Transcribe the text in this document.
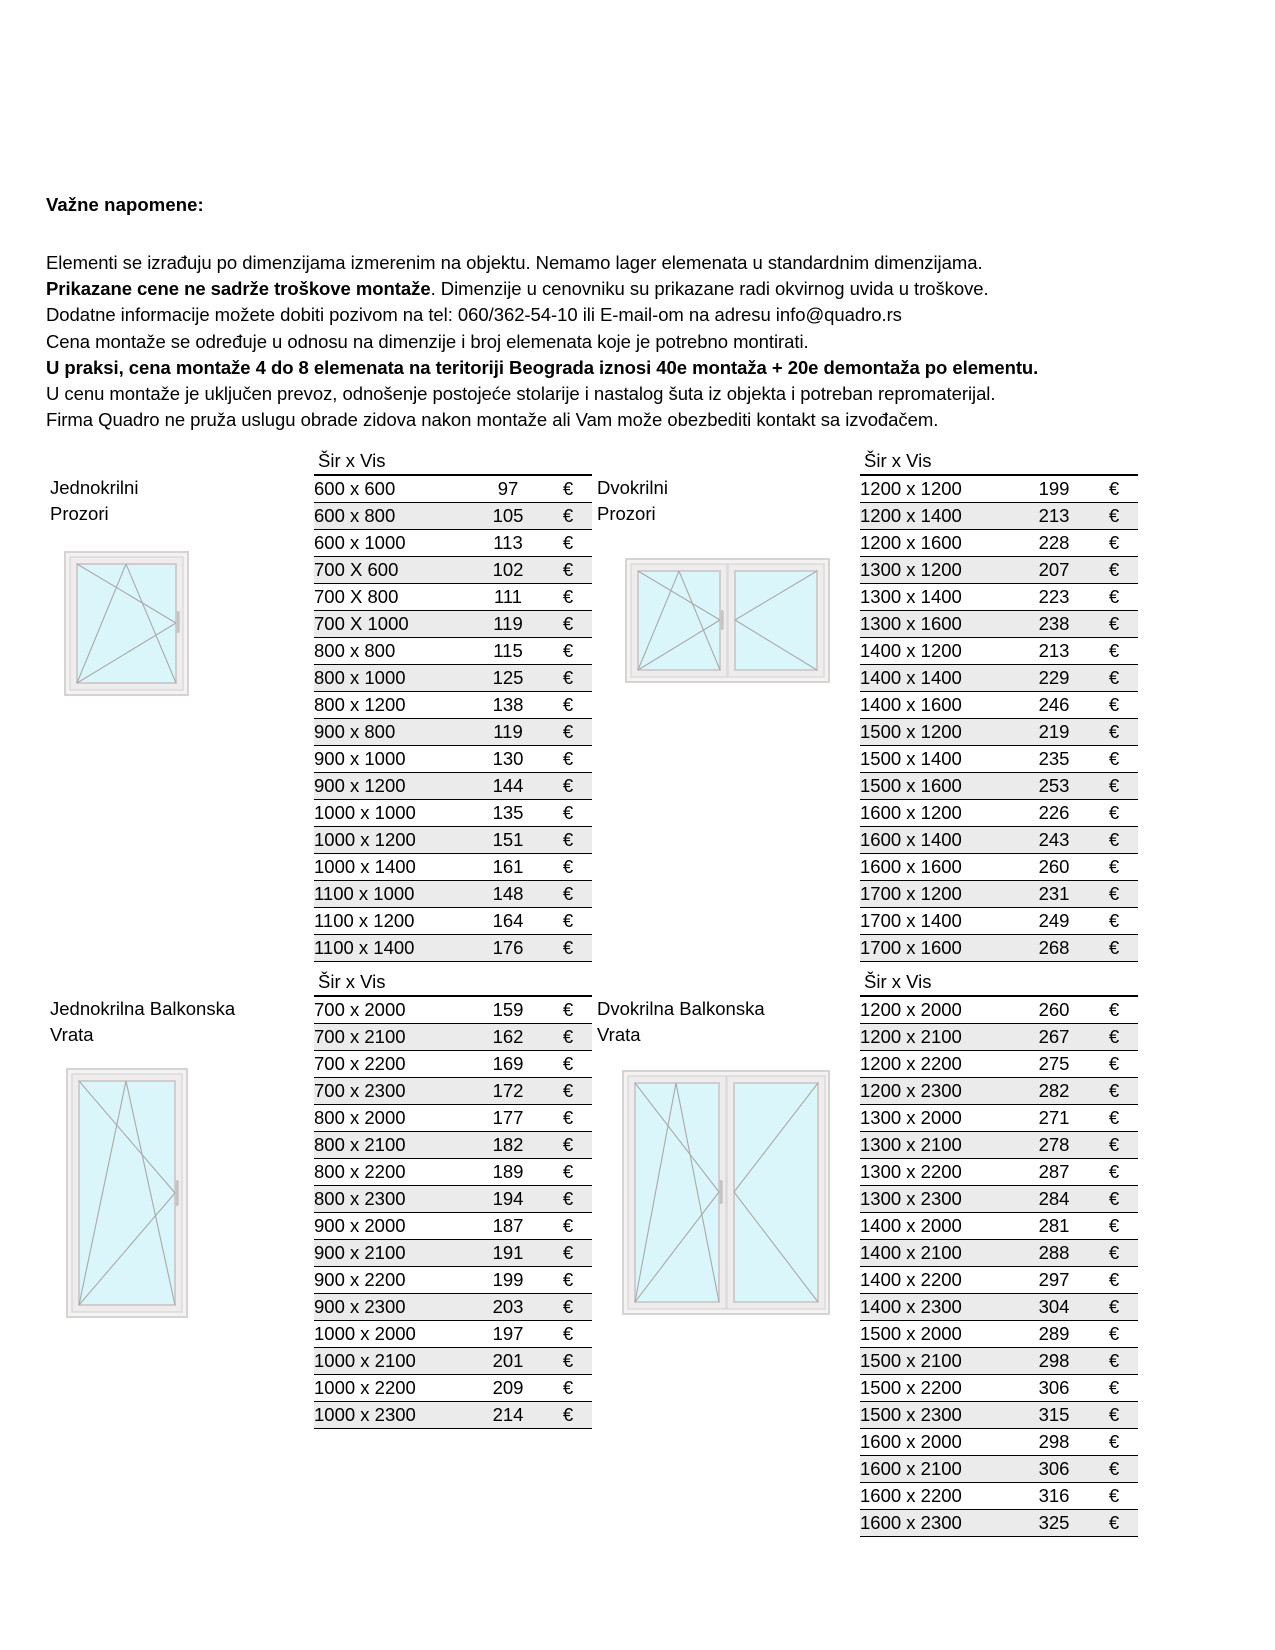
Važne napomene:
Elementi se izrađuju po dimenzijama izmerenim na objektu. Nemamo lager elemenata u standardnim dimenzijama.
Prikazane cene ne sadrže troškove montaže. Dimenzije u cenovniku su prikazane radi okvirnog uvida u troškove.
Dodatne informacije možete dobiti pozivom na tel: 060/362-54-10 ili E-mail-om na adresu info@quadro.rs
Cena montaže se određuje u odnosu na dimenzije i broj elemenata koje je potrebno montirati.
U praksi, cena montaže 4 do 8 elemenata na teritoriji Beograda iznosi 40e montaža + 20e demontaža po elementu.
U cenu montaže je uključen prevoz, odnošenje postojeće stolarije i nastalog šuta iz objekta i potreban repromaterijal.
Firma Quadro ne pruža uslugu obrade zidova nakon montaže ali Vam može obezbediti kontakt sa izvođačem.
Jednokrilni
Prozori
Šir x Vis
600 x 600	97	€
600 x 800	105	€
600 x 1000	113	€
700 X 600	102	€
700 X 800	111	€
700 X 1000	119	€
800 x 800	115	€
800 x 1000	125	€
800 x 1200	138	€
900 x 800	119	€
900 x 1000	130	€
900 x 1200	144	€
1000 x 1000	135	€
1000 x 1200	151	€
1000 x 1400	161	€
1100 x 1000	148	€
1100 x 1200	164	€
1100 x 1400	176	€
Dvokrilni
Prozori
Šir x Vis
1200 x 1200	199	€
1200 x 1400	213	€
1200 x 1600	228	€
1300 x 1200	207	€
1300 x 1400	223	€
1300 x 1600	238	€
1400 x 1200	213	€
1400 x 1400	229	€
1400 x 1600	246	€
1500 x 1200	219	€
1500 x 1400	235	€
1500 x 1600	253	€
1600 x 1200	226	€
1600 x 1400	243	€
1600 x 1600	260	€
1700 x 1200	231	€
1700 x 1400	249	€
1700 x 1600	268	€
Jednokrilna Balkonska
Vrata
Šir x Vis
700 x 2000	159	€
700 x 2100	162	€
700 x 2200	169	€
700 x 2300	172	€
800 x 2000	177	€
800 x 2100	182	€
800 x 2200	189	€
800 x 2300	194	€
900 x 2000	187	€
900 x 2100	191	€
900 x 2200	199	€
900 x 2300	203	€
1000 x 2000	197	€
1000 x 2100	201	€
1000 x 2200	209	€
1000 x 2300	214	€
Dvokrilna Balkonska
Vrata
Šir x Vis
1200 x 2000	260	€
1200 x 2100	267	€
1200 x 2200	275	€
1200 x 2300	282	€
1300 x 2000	271	€
1300 x 2100	278	€
1300 x 2200	287	€
1300 x 2300	284	€
1400 x 2000	281	€
1400 x 2100	288	€
1400 x 2200	297	€
1400 x 2300	304	€
1500 x 2000	289	€
1500 x 2100	298	€
1500 x 2200	306	€
1500 x 2300	315	€
1600 x 2000	298	€
1600 x 2100	306	€
1600 x 2200	316	€
1600 x 2300	325	€
